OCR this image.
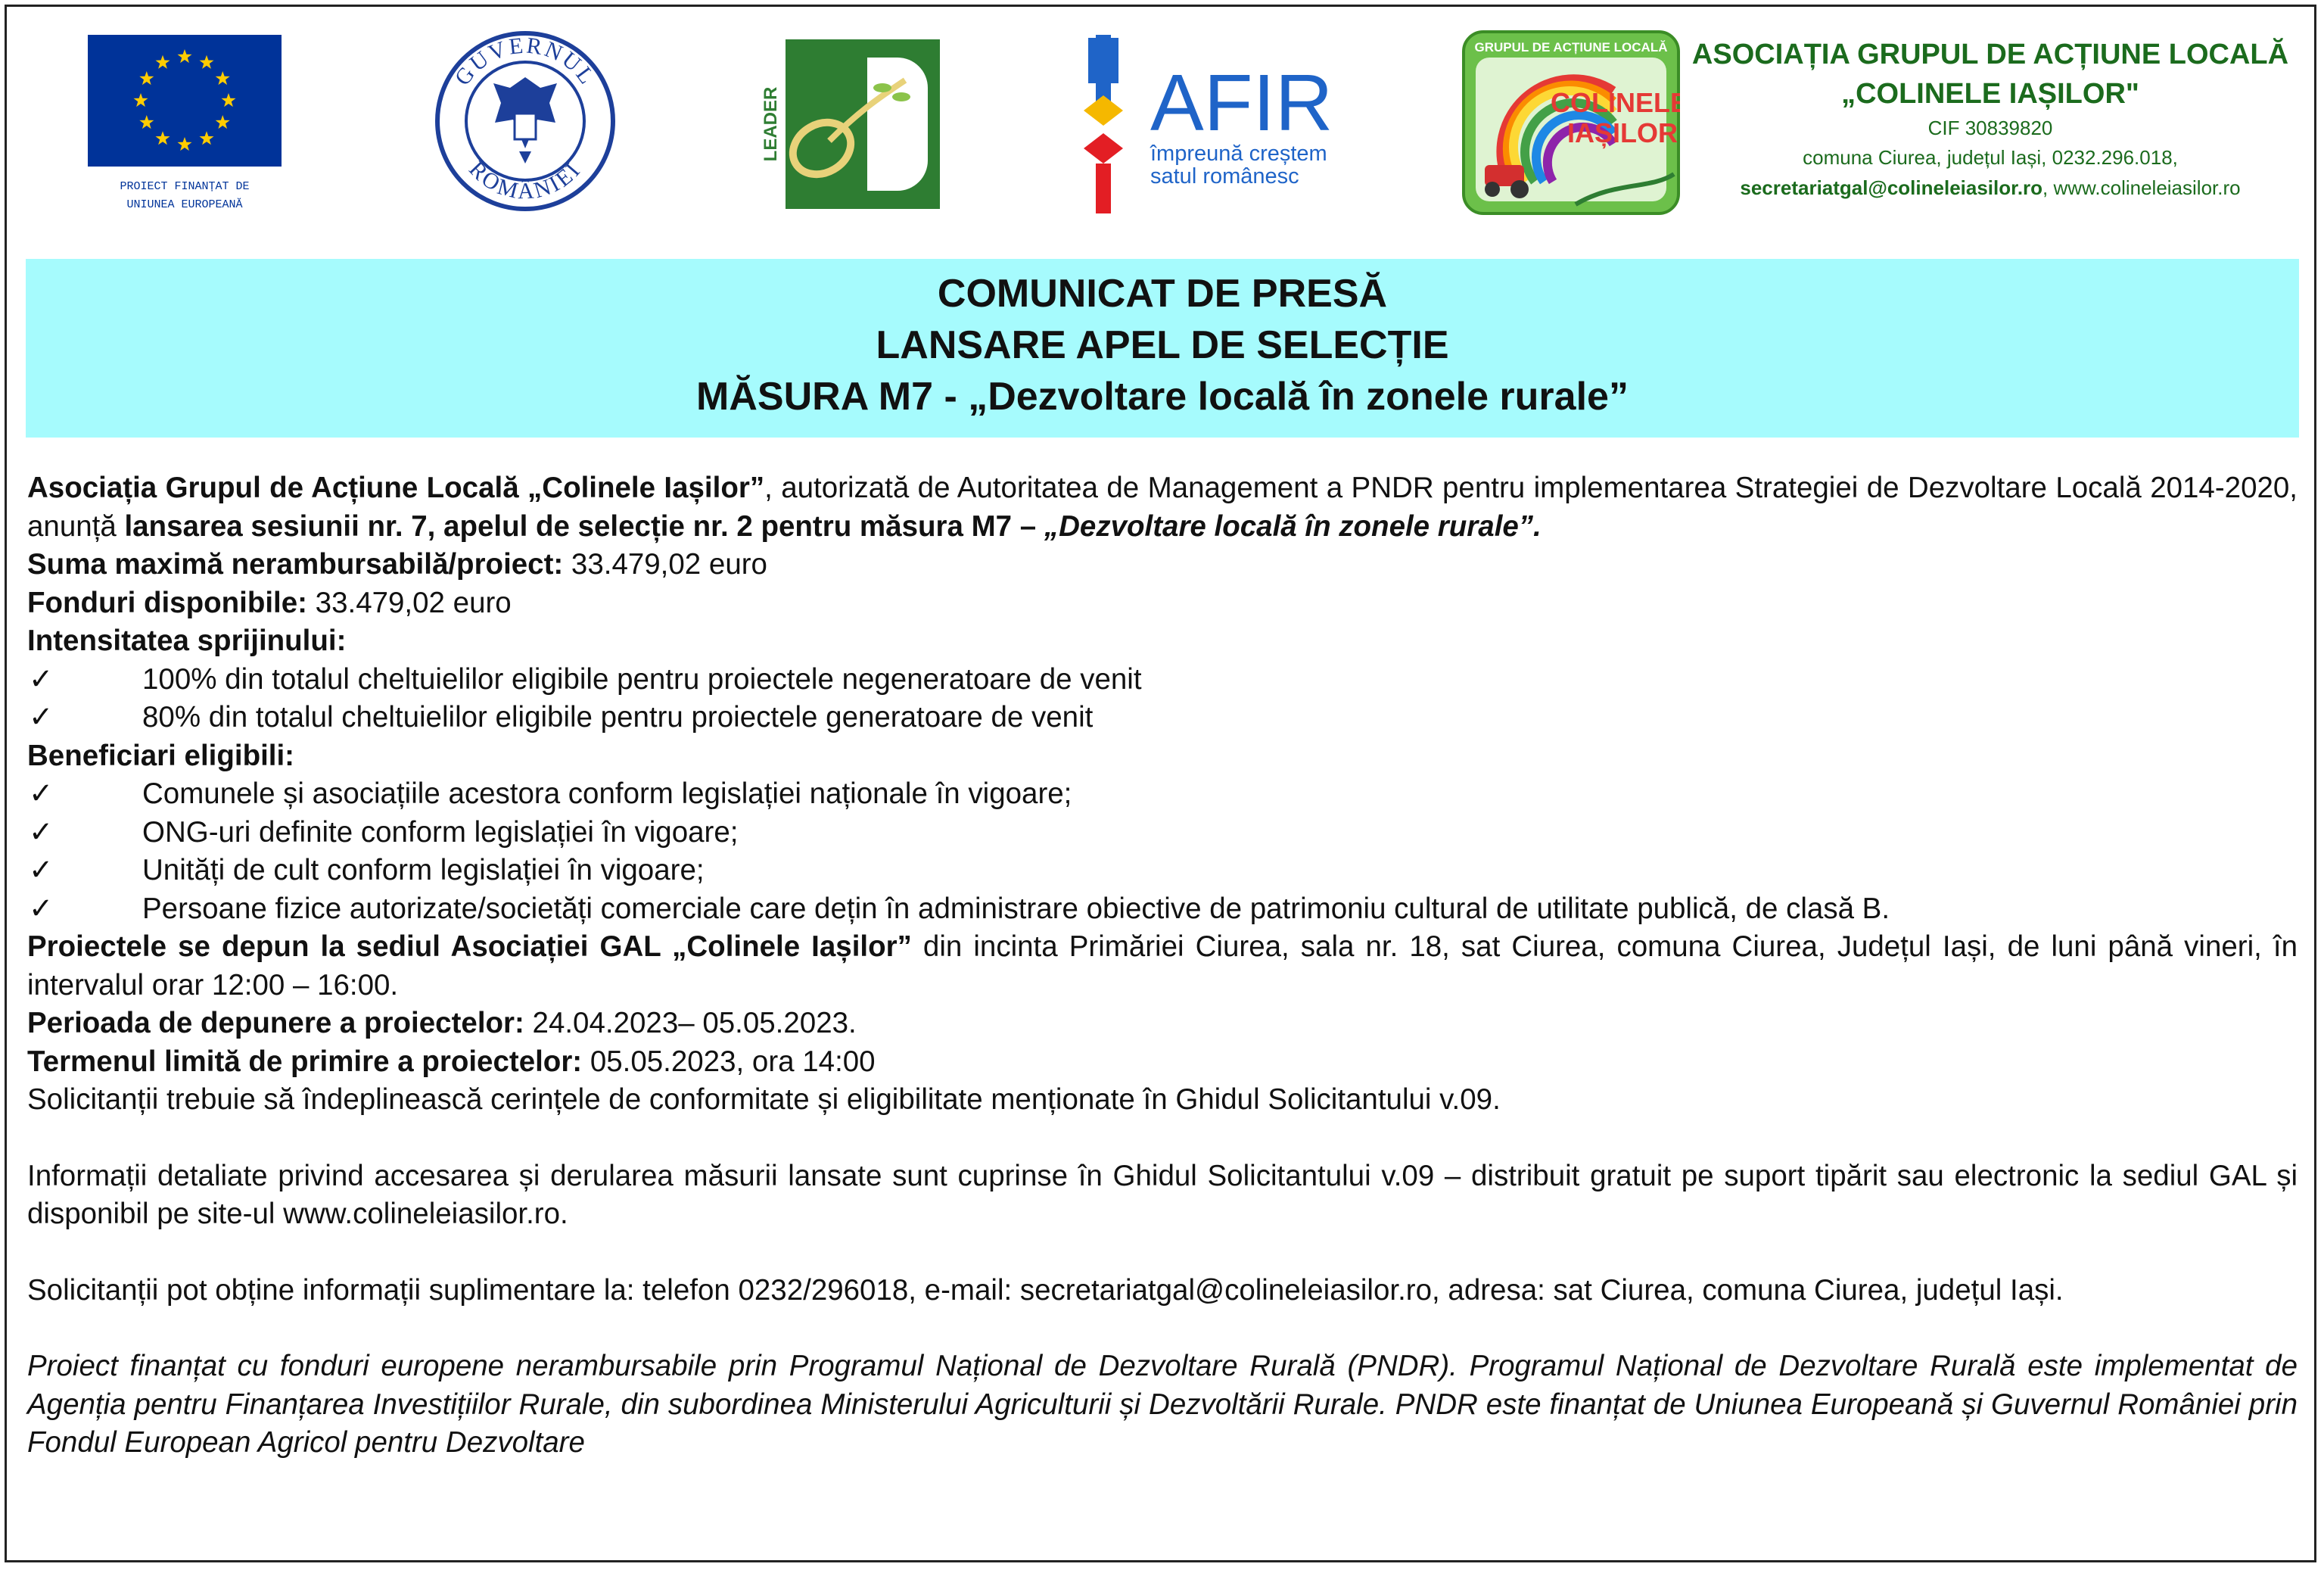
PROIECT FINANȚAT DE
UNIUNEA EUROPEANĂ
GUVERNUL
ROMÂNIEI
LEADER	AFIR
împreună creștem
satul românesc
GRUPUL DE ACȚIUNE LOCALĂ
COLINELE
IAȘILOR
ASOCIAȚIA GRUPUL DE ACȚIUNE LOCALĂ
„COLINELE IAȘILOR"
CIF 30839820
comuna Ciurea, județul Iași, 0232.296.018,
secretariatgal@colineleiasilor.ro, www.colineleiasilor.ro
COMUNICAT DE PRESĂ
LANSARE APEL DE SELECȚIE
MĂSURA M7 - „Dezvoltare locală în zonele rurale”

Asociația Grupul de Acțiune Locală „Colinele Iașilor”, autorizată de Autoritatea de Management a PNDR pentru implementarea Strategiei de Dezvoltare Locală 2014-2020, anunță lansarea sesiunii nr. 7, apelul de selecție nr. 2 pentru măsura M7 – „Dezvoltare locală în zonele rurale”.

Suma maximă nerambursabilă/proiect: 33.479,02 euro

Fonduri disponibile: 33.479,02 euro

Intensitatea sprijinului:

✓	100% din totalul cheltuielilor eligibile pentru proiectele negeneratoare de venit
✓	80% din totalul cheltuielilor eligibile pentru proiectele generatoare de venit

Beneficiari eligibili:

✓	Comunele și asociațiile acestora conform legislației naționale în vigoare;
✓	ONG-uri definite conform legislației în vigoare;
✓	Unități de cult conform legislației în vigoare;
✓	Persoane fizice autorizate/societăți comerciale care dețin în administrare obiective de patrimoniu cultural de utilitate publică, de clasă B.

Proiectele se depun la sediul Asociației GAL „Colinele Iașilor” din incinta Primăriei Ciurea, sala nr. 18, sat Ciurea, comuna Ciurea, Județul Iași, de luni până vineri, în intervalul orar 12:00 – 16:00.

Perioada de depunere a proiectelor: 24.04.2023– 05.05.2023.

Termenul limită de primire a proiectelor: 05.05.2023, ora 14:00

Solicitanții trebuie să îndeplinească cerințele de conformitate și eligibilitate menționate în Ghidul Solicitantului v.09.

Informații detaliate privind accesarea și derularea măsurii lansate sunt cuprinse în Ghidul Solicitantului v.09 – distribuit gratuit pe suport tipărit sau electronic la sediul GAL și disponibil pe site-ul www.colineleiasilor.ro.

Solicitanții pot obține informații suplimentare la: telefon 0232/296018, e-mail: secretariatgal@colineleiasilor.ro, adresa: sat Ciurea, comuna Ciurea, județul Iași.

Proiect finanțat cu fonduri europene nerambursabile prin Programul Național de Dezvoltare Rurală (PNDR). Programul Național de Dezvoltare Rurală este implementat de Agenția pentru Finanțarea Investițiilor Rurale, din subordinea Ministerului Agriculturii și Dezvoltării Rurale. PNDR este finanțat de Uniunea Europeană și Guvernul României prin Fondul European Agricol pentru Dezvoltare
